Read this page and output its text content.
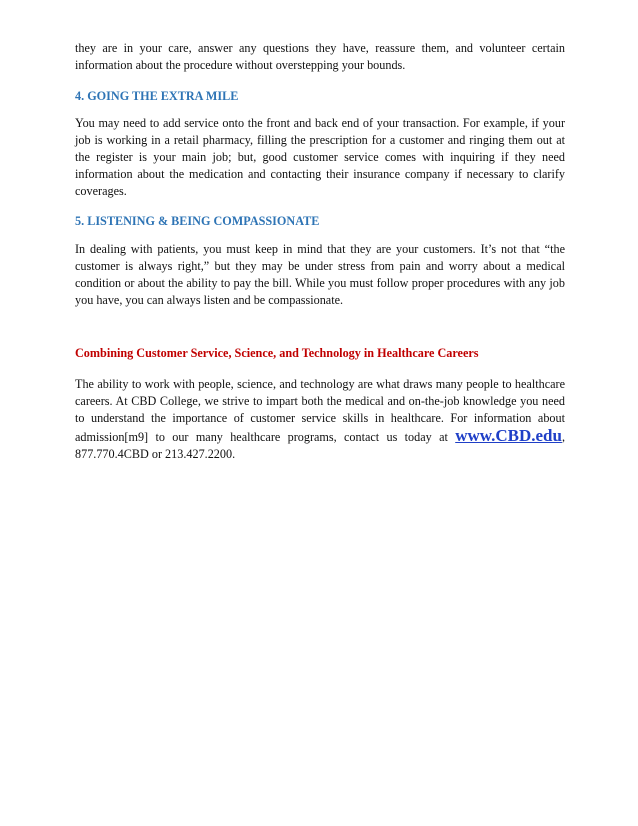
they are in your care, answer any questions they have, reassure them, and volunteer certain information about the procedure without overstepping your bounds.

4. GOING THE EXTRA MILE

You may need to add service onto the front and back end of your transaction. For example, if your job is working in a retail pharmacy, filling the prescription for a customer and ringing them out at the register is your main job; but, good customer service comes with inquiring if they need information about the medication and contacting their insurance company if necessary to clarify coverages.

5. LISTENING & BEING COMPASSIONATE

In dealing with patients, you must keep in mind that they are your customers. It’s not that “the customer is always right,” but they may be under stress from pain and worry about a medical condition or about the ability to pay the bill. While you must follow proper procedures with any job you have, you can always listen and be compassionate.

Combining Customer Service, Science, and Technology in Healthcare Careers

The ability to work with people, science, and technology are what draws many people to healthcare careers. At CBD College, we strive to impart both the medical and on-the-job knowledge you need to understand the importance of customer service skills in healthcare. For information about admission[m9] to our many healthcare programs, contact us today at www.CBD.edu, 877.770.4CBD or 213.427.2200.
